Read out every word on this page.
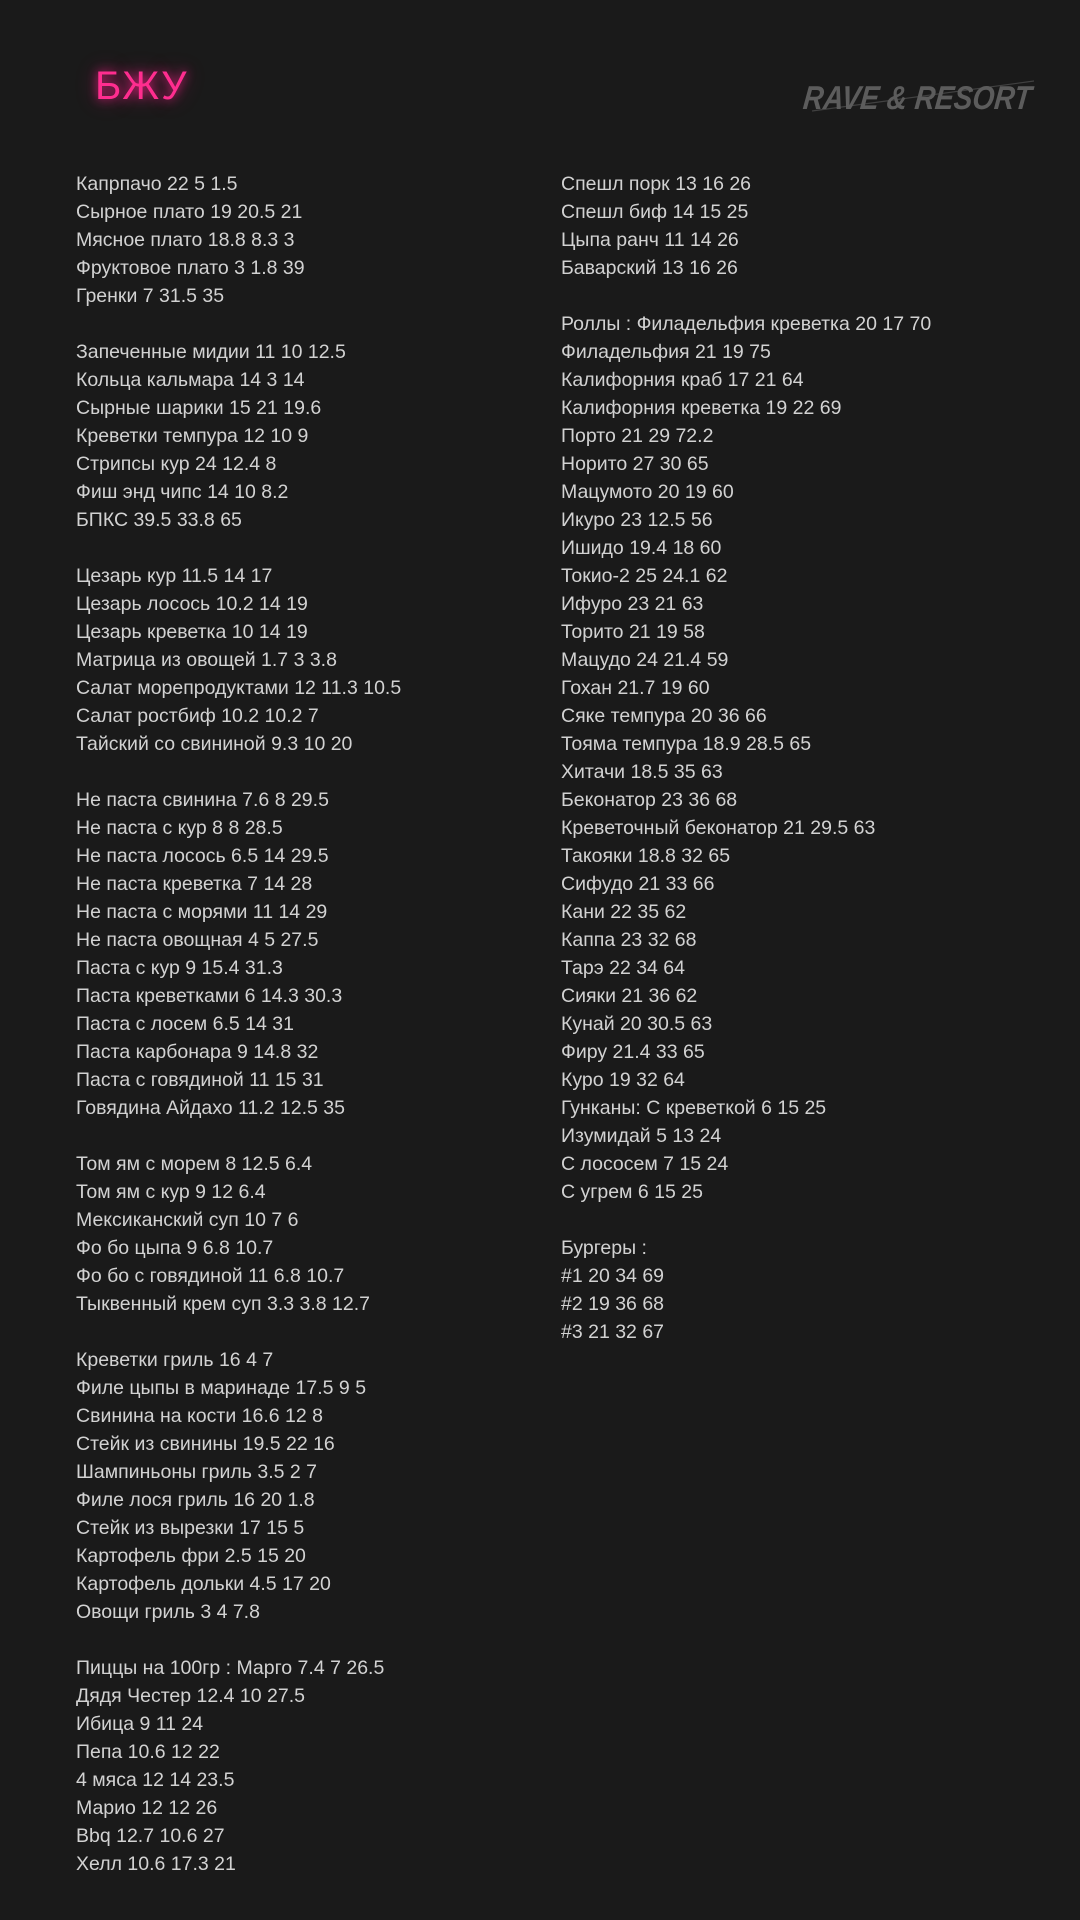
БЖУ	RAVE & RESORT
Капрпачо 22 5 1.5
Сырное плато 19 20.5 21
Мясное плато 18.8 8.3 3
Фруктовое плато 3 1.8 39
Гренки 7 31.5 35
Запеченные мидии 11 10 12.5
Кольца кальмара 14 3 14
Сырные шарики 15 21 19.6
Креветки темпура 12 10 9
Стрипсы кур 24 12.4 8
Фиш энд чипс 14 10 8.2
БПКС 39.5 33.8 65
Цезарь кур 11.5 14 17
Цезарь лосось 10.2 14 19
Цезарь креветка 10 14 19
Матрица из овощей 1.7 3 3.8
Салат морепродуктами 12 11.3 10.5
Салат ростбиф 10.2 10.2 7
Тайский со свининой 9.3 10 20
Не паста свинина 7.6 8 29.5
Не паста с кур 8 8 28.5
Не паста лосось 6.5 14 29.5
Не паста креветка 7 14 28
Не паста с морями 11 14 29
Не паста овощная 4 5 27.5
Паста с кур 9 15.4 31.3
Паста креветками 6 14.3 30.3
Паста с лосем 6.5 14 31
Паста карбонара 9 14.8 32
Паста с говядиной 11 15 31
Говядина Айдахо 11.2 12.5 35
Том ям с морем 8 12.5 6.4
Том ям с кур 9 12 6.4
Мексиканский суп 10 7 6
Фо бо цыпа 9 6.8 10.7
Фо бо с говядиной 11 6.8 10.7
Тыквенный крем суп 3.3 3.8 12.7
Креветки гриль 16 4 7
Филе цыпы в маринаде 17.5 9 5
Свинина на кости 16.6 12 8
Стейк из свинины 19.5 22 16
Шампиньоны гриль 3.5 2 7
Филе лося гриль 16 20 1.8
Стейк из вырезки 17 15 5
Картофель фри 2.5 15 20
Картофель дольки 4.5 17 20
Овощи гриль 3 4 7.8
Пиццы на 100гр : Марго 7.4 7 26.5
Дядя Честер 12.4 10 27.5
Ибица 9 11 24
Пепа 10.6 12 22
4 мяса 12 14 23.5
Марио 12 12 26
Bbq 12.7 10.6 27
Хелл 10.6 17.3 21
Спешл порк 13 16 26
Спешл биф 14 15 25
Цыпа ранч 11 14 26
Баварский 13 16 26
Роллы : Филадельфия креветка 20 17 70
Филадельфия 21 19 75
Калифорния краб 17 21 64
Калифорния креветка 19 22 69
Порто 21 29 72.2
Норито 27 30 65
Мацумото 20 19 60
Икуро 23 12.5 56
Ишидо 19.4 18 60
Токио-2 25 24.1 62
Ифуро 23 21 63
Торито 21 19 58
Мацудо 24 21.4 59
Гохан 21.7 19 60
Сяке темпура 20 36 66
Тояма темпура 18.9 28.5 65
Хитачи 18.5 35 63
Беконатор 23 36 68
Креветочный беконатор 21 29.5 63
Такояки 18.8 32 65
Сифудо 21 33 66
Кани 22 35 62
Каппа 23 32 68
Тарэ 22 34 64
Сияки 21 36 62
Кунай 20 30.5 63
Фиру 21.4 33 65
Куро 19 32 64
Гунканы: С креветкой 6 15 25
Изумидай 5 13 24
С лососем 7 15 24
С угрем 6 15 25
Бургеры :
#1 20 34 69
#2 19 36 68
#3 21 32 67
